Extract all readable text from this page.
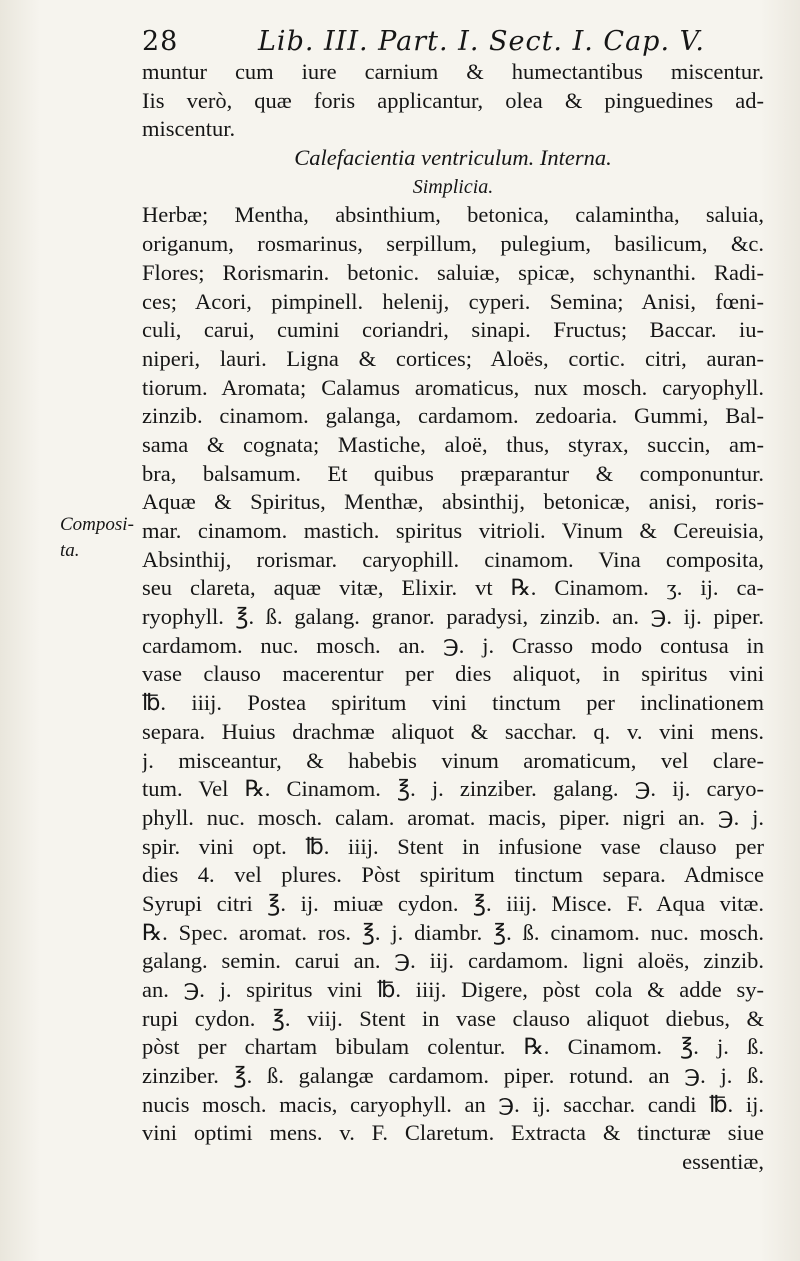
28	Lib. III. Part. I. Sect. I. Cap. V.
Composi-
ta.
muntur cum iure carnium & humectantibus miscentur.
Iis verò, quæ foris applicantur, olea & pinguedines ad-
miscentur.
Calefacientia ventriculum. Interna.
Simplicia.
Herbæ; Mentha, absinthium, betonica, calamintha, saluia,
origanum, rosmarinus, serpillum, pulegium, basilicum, &c.
Flores; Rorismarin. betonic. saluiæ, spicæ, schynanthi. Radi-
ces; Acori, pimpinell. helenij, cyperi. Semina; Anisi, fœni-
culi, carui, cumini coriandri, sinapi. Fructus; Baccar. iu-
niperi, lauri. Ligna & cortices; Aloës, cortic. citri, auran-
tiorum. Aromata; Calamus aromaticus, nux mosch. caryophyll.
zinzib. cinamom. galanga, cardamom. zedoaria. Gummi, Bal-
sama & cognata; Mastiche, aloë, thus, styrax, succin, am-
bra, balsamum. Et quibus præparantur & componuntur.
Aquæ & Spiritus, Menthæ, absinthij, betonicæ, anisi, roris-
mar. cinamom. mastich. spiritus vitrioli. Vinum & Cereuisia,
Absinthij, rorismar. caryophill. cinamom. Vina composita,
seu clareta, aquæ vitæ, Elixir. vt ℞. Cinamom. ʒ. ij. ca-
ryophyll. ℥. ß. galang. granor. paradysi, zinzib. an. ℈. ij. piper.
cardamom. nuc. mosch. an. ℈. j. Crasso modo contusa in
vase clauso macerentur per dies aliquot, in spiritus vini
℔. iiij. Postea spiritum vini tinctum per inclinationem
separa. Huius drachmæ aliquot & sacchar. q. v. vini mens.
j. misceantur, & habebis vinum aromaticum, vel clare-
tum. Vel ℞. Cinamom. ℥. j. zinziber. galang. ℈. ij. caryo-
phyll. nuc. mosch. calam. aromat. macis, piper. nigri an. ℈. j.
spir. vini opt. ℔. iiij. Stent in infusione vase clauso per
dies 4. vel plures. Pòst spiritum tinctum separa. Admisce
Syrupi citri ℥. ij. miuæ cydon. ℥. iiij. Misce. F. Aqua vitæ.
℞. Spec. aromat. ros. ℥. j. diambr. ℥. ß. cinamom. nuc. mosch.
galang. semin. carui an. ℈. iij. cardamom. ligni aloës, zinzib.
an. ℈. j. spiritus vini ℔. iiij. Digere, pòst cola & adde sy-
rupi cydon. ℥. viij. Stent in vase clauso aliquot diebus, &
pòst per chartam bibulam colentur. ℞. Cinamom. ℥. j. ß.
zinziber. ℥. ß. galangæ cardamom. piper. rotund. an ℈. j. ß.
nucis mosch. macis, caryophyll. an ℈. ij. sacchar. candi ℔. ij.
vini optimi mens. v. F. Claretum. Extracta & tincturæ siue
essentiæ,
